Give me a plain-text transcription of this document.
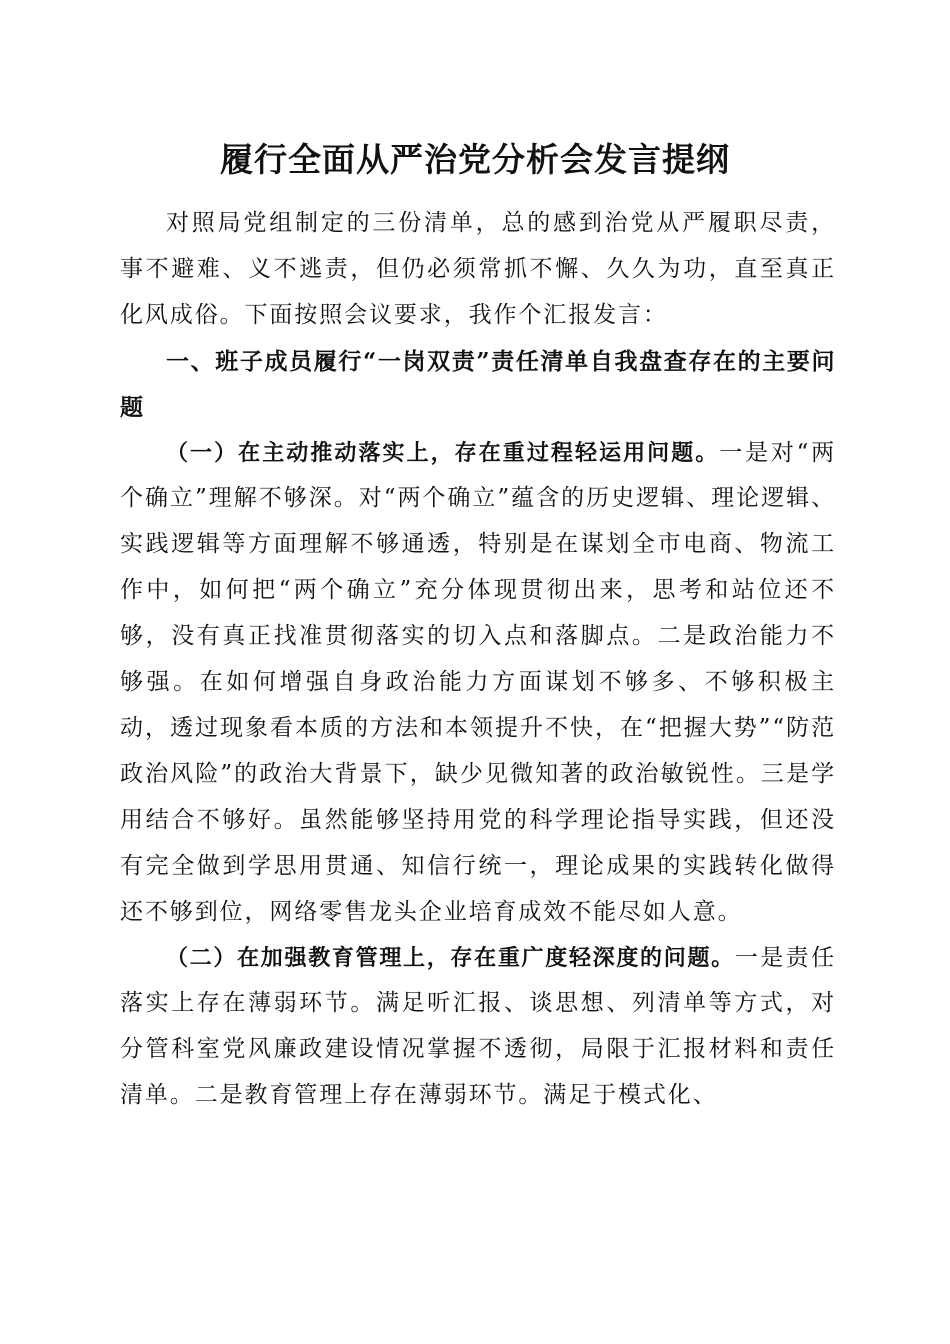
履行全面从严治党分析会发言提纲

对照局党组制定的三份清单，总的感到治党从严履职尽责，事不避难、义不逃责，但仍必须常抓不懈、久久为功，直至真正化风成俗。下面按照会议要求，我作个汇报发言：

一、班子成员履行“一岗双责”责任清单自我盘查存在的主要问题

（一）在主动推动落实上，存在重过程轻运用问题。一是对“两个确立”理解不够深。对“两个确立”蕴含的历史逻辑、理论逻辑、实践逻辑等方面理解不够通透，特别是在谋划全市电商、物流工作中，如何把“两个确立”充分体现贯彻出来，思考和站位还不够，没有真正找准贯彻落实的切入点和落脚点。二是政治能力不够强。在如何增强自身政治能力方面谋划不够多、不够积极主动，透过现象看本质的方法和本领提升不快，在“把握大势”“防范政治风险”的政治大背景下，缺少见微知著的政治敏锐性。三是学用结合不够好。虽然能够坚持用党的科学理论指导实践，但还没有完全做到学思用贯通、知信行统一，理论成果的实践转化做得还不够到位，网络零售龙头企业培育成效不能尽如人意。

（二）在加强教育管理上，存在重广度轻深度的问题。一是责任落实上存在薄弱环节。满足听汇报、谈思想、列清单等方式，对分管科室党风廉政建设情况掌握不透彻，局限于汇报材料和责任清单。二是教育管理上存在薄弱环节。满足于模式化、
